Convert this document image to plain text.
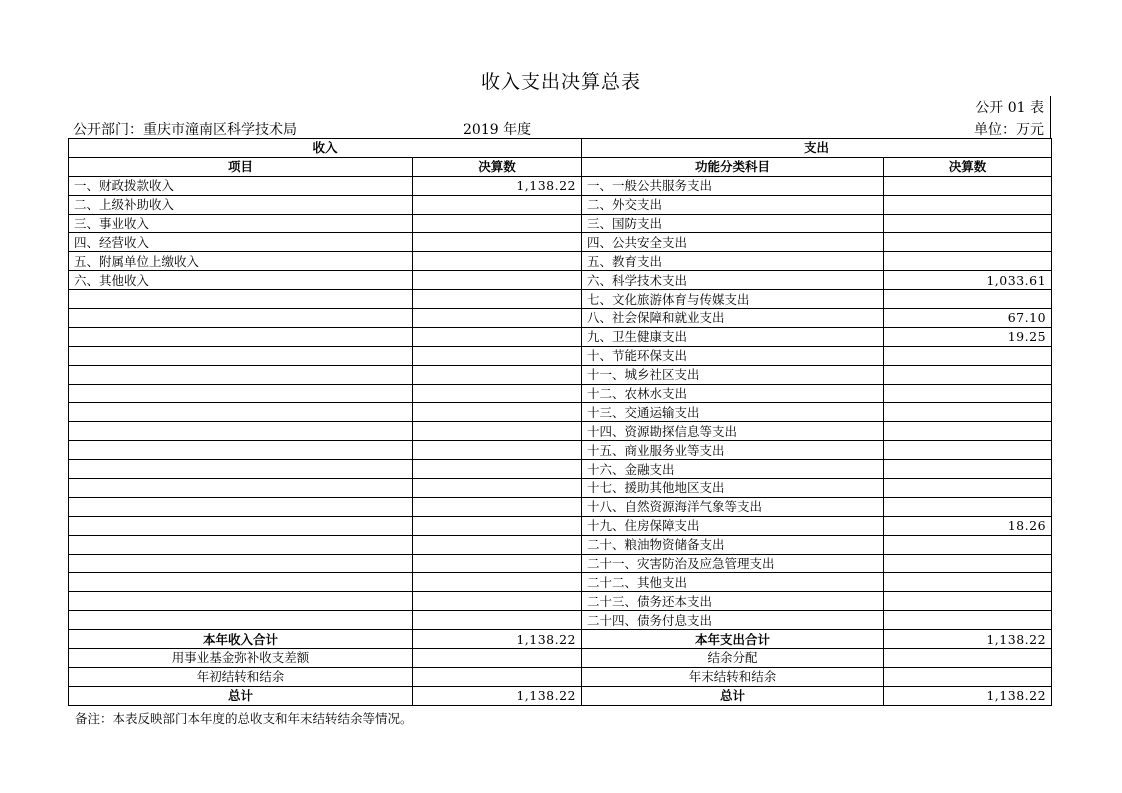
收入支出决算总表
公开 01 表
公开部门：重庆市潼南区科学技术局	2019 年度	单位：万元
收入		支出	
项目	决算数	功能分类科目	决算数
一、财政拨款收入	1,138.22	一、一般公共服务支出	
二、上级补助收入		二、外交支出	
三、事业收入		三、国防支出	
四、经营收入		四、公共安全支出	
五、附属单位上缴收入		五、教育支出	
六、其他收入		六、科学技术支出	1,033.61
		七、文化旅游体育与传媒支出	
		八、社会保障和就业支出	67.10
		九、卫生健康支出	19.25
		十、节能环保支出	
		十一、城乡社区支出	
		十二、农林水支出	
		十三、交通运输支出	
		十四、资源勘探信息等支出	
		十五、商业服务业等支出	
		十六、金融支出	
		十七、援助其他地区支出	
		十八、自然资源海洋气象等支出	
		十九、住房保障支出	18.26
		二十、粮油物资储备支出	
		二十一、灾害防治及应急管理支出	
		二十二、其他支出	
		二十三、债务还本支出	
		二十四、债务付息支出	
本年收入合计	1,138.22	本年支出合计	1,138.22
用事业基金弥补收支差额		结余分配	
年初结转和结余		年末结转和结余	
总计	1,138.22	总计	1,138.22
备注：本表反映部门本年度的总收支和年末结转结余等情况。
